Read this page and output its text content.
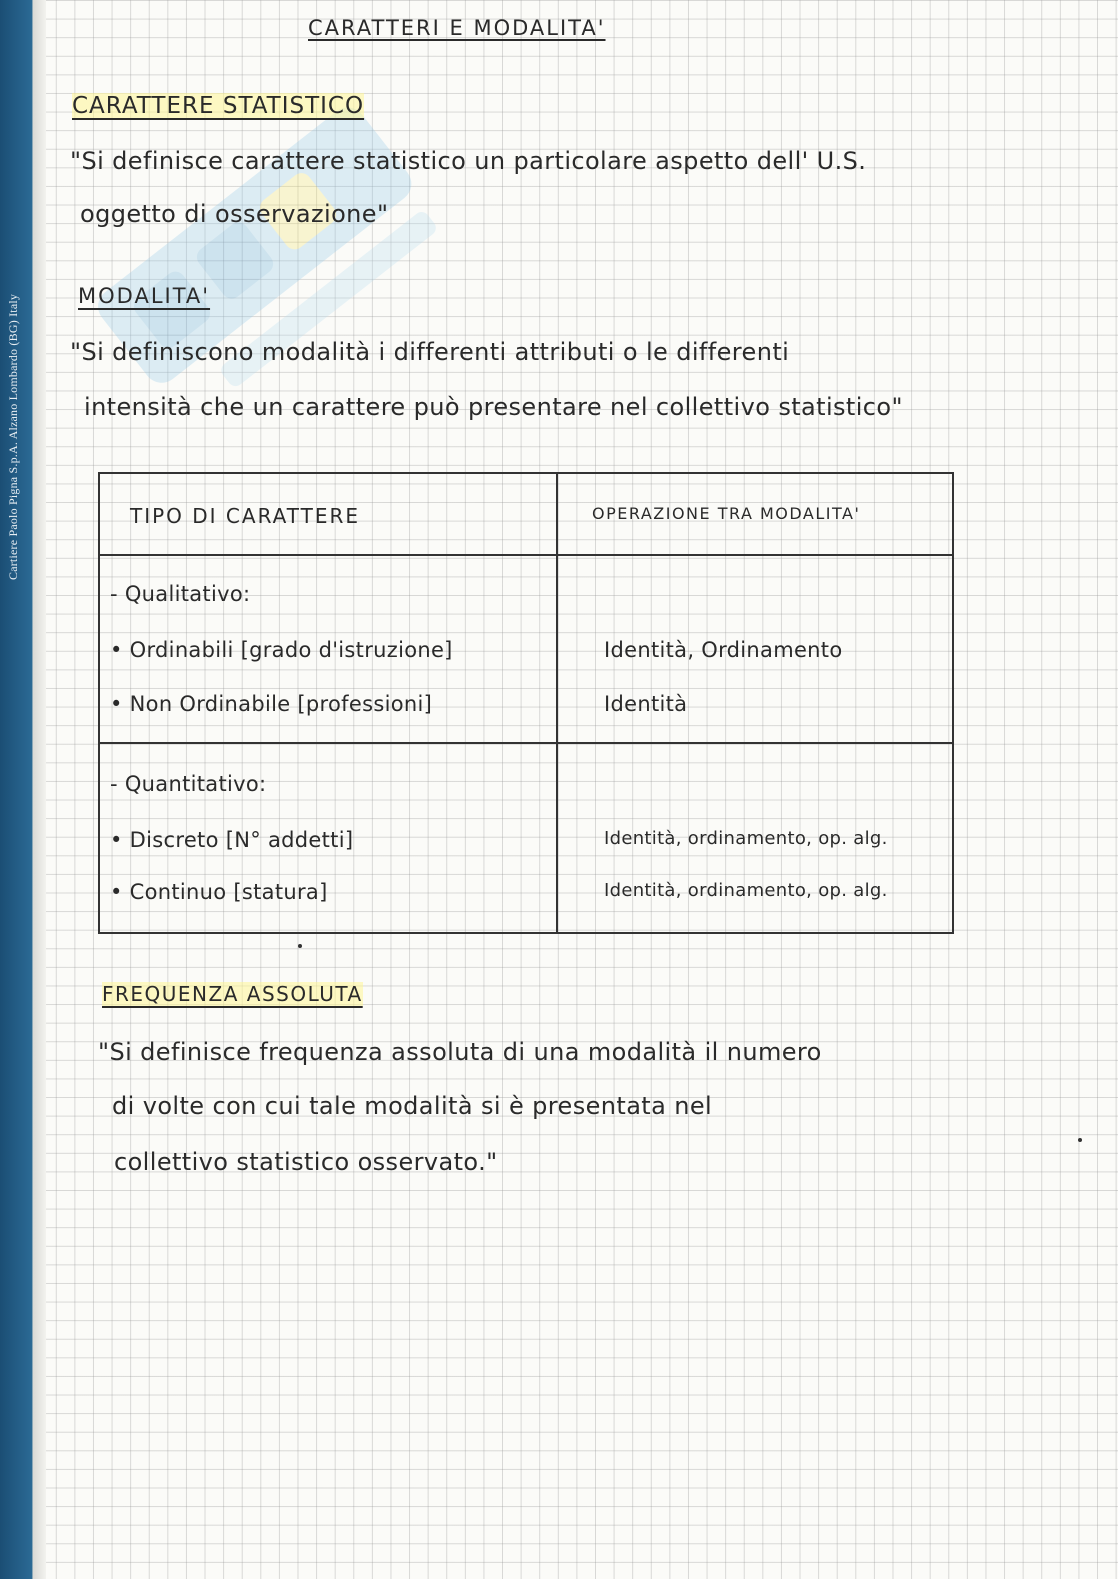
Cartiere Paolo Pigna S.p.A. Alzano Lombardo (BG) Italy
CARATTERI E MODALITA'
CARATTERE STATISTICO
"Si definisce carattere statistico un particolare aspetto dell' U.S.
oggetto di osservazione"
MODALITA'
"Si definiscono modalità i differenti attributi o le differenti
intensità che un carattere può presentare nel collettivo statistico"
TIPO DI CARATTERE	OPERAZIONE TRA MODALITA'
- Qualitativo:
• Ordinabili [grado d'istruzione]	Identità, Ordinamento
• Non Ordinabile [professioni]	Identità
- Quantitativo:
• Discreto [N° addetti]	Identità, ordinamento, op. alg.
• Continuo [statura]	Identità, ordinamento, op. alg.
FREQUENZA ASSOLUTA
"Si definisce frequenza assoluta di una modalità il numero
di volte con cui tale modalità si è presentata nel
collettivo statistico osservato."
